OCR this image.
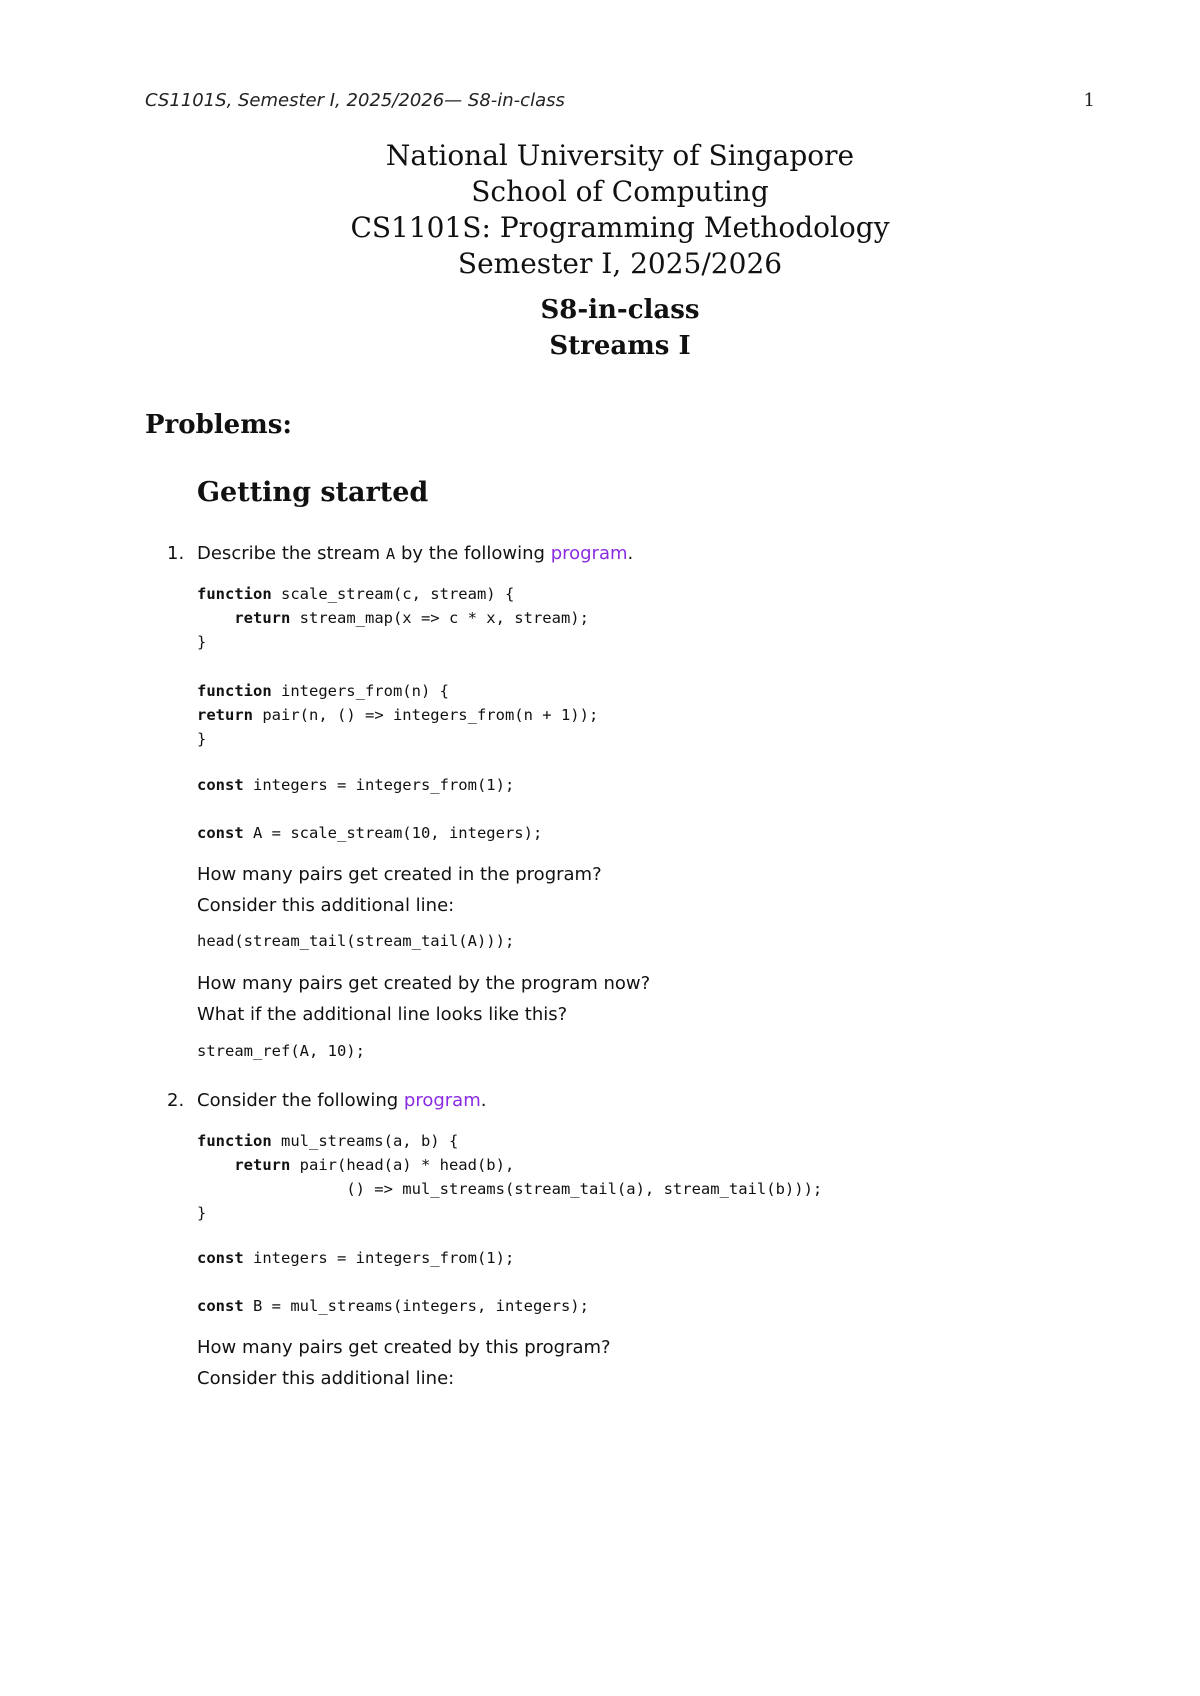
CS1101S, Semester I, 2025/2026— S8-in-class	1
National University of Singapore
School of Computing
CS1101S: Programming Methodology
Semester I, 2025/2026
S8-in-class
Streams I
Problems:
Getting started
1. Describe the stream A by the following program.
function scale_stream(c, stream) {
return stream_map(x => c * x, stream);
}
function integers_from(n) {
return pair(n, () => integers_from(n + 1));
}
const integers = integers_from(1);
const A = scale_stream(10, integers);
How many pairs get created in the program?
Consider this additional line:
head(stream_tail(stream_tail(A)));
How many pairs get created by the program now?
What if the additional line looks like this?
stream_ref(A, 10);
2. Consider the following program.
function mul_streams(a, b) {
return pair(head(a) * head(b),
() => mul_streams(stream_tail(a), stream_tail(b)));
}
const integers = integers_from(1);
const B = mul_streams(integers, integers);
How many pairs get created by this program?
Consider this additional line:
